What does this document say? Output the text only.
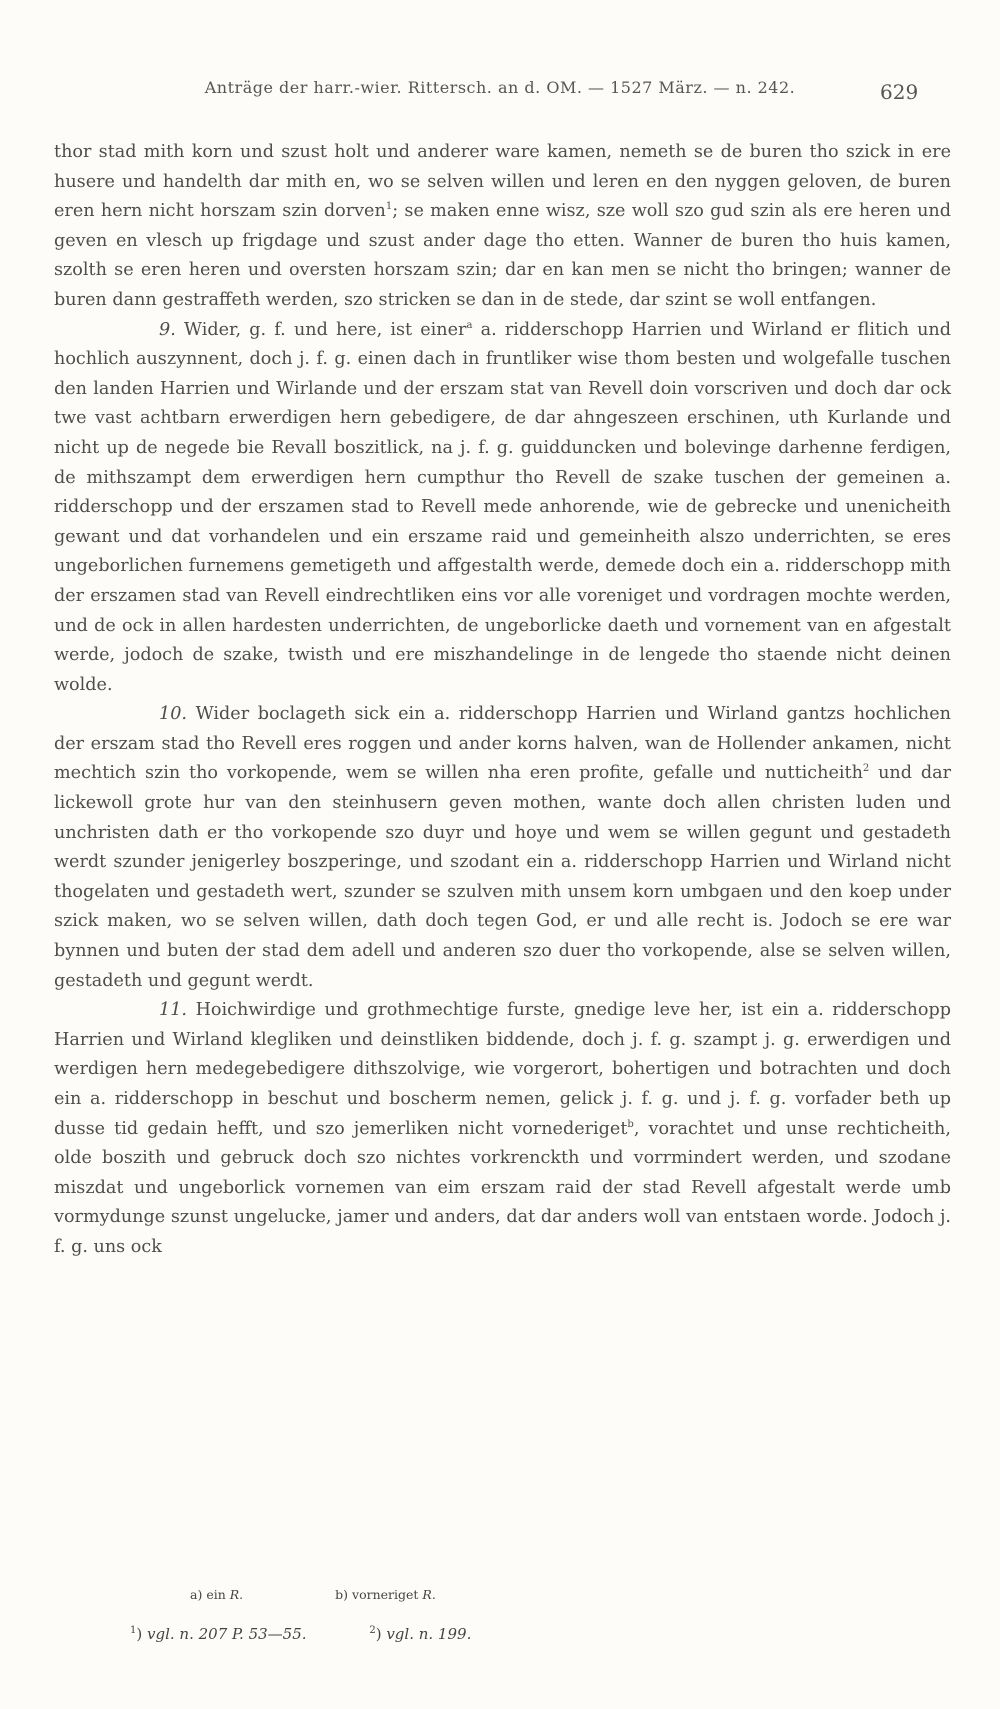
Anträge der harr.-wier. Rittersch. an d. OM. — 1527 März. — n. 242.	629

thor stad mith korn und szust holt und anderer ware kamen, nemeth se de buren tho szick in ere husere und handelth dar mith en, wo se selven willen und leren en den nyggen geloven, de buren eren hern nicht horszam szin dorven$^1$; se maken enne wisz, sze woll szo gud szin als ere heren und geven en vlesch up frigdage und szust ander dage tho etten. Wanner de buren tho huis kamen, szolth se eren heren und oversten horszam szin; dar en kan men se nicht tho bringen; wanner de buren dann gestraffeth werden, szo stricken se dan in de stede, dar szint se woll entfangen.

9. Wider, g. f. und here, ist einer$^a$ a. ridderschopp Harrien und Wirland er flitich und hochlich auszynnent, doch j. f. g. einen dach in fruntliker wise thom besten und wolgefalle tuschen den landen Harrien und Wirlande und der erszam stat van Revell doin vorscriven und doch dar ock twe vast achtbarn erwerdigen hern gebedigere, de dar ahngeszeen erschinen, uth Kurlande und nicht up de negede bie Revall boszitlick, na j. f. g. guidduncken und bolevinge darhenne ferdigen, de mithszampt dem erwerdigen hern cumpthur tho Revell de szake tuschen der gemeinen a. ridderschopp und der erszamen stad to Revell mede anhorende, wie de gebrecke und unenicheith gewant und dat vorhandelen und ein erszame raid und gemeinheith alszo underrichten, se eres ungeborlichen furnemens gemetigeth und affgestalth werde, demede doch ein a. ridderschopp mith der erszamen stad van Revell eindrechtliken eins vor alle voreniget und vordragen mochte werden, und de ock in allen hardesten underrichten, de ungeborlicke daeth und vornement van en afgestalt werde, jodoch de szake, twisth und ere miszhandelinge in de lengede tho staende nicht deinen wolde.

10. Wider boclageth sick ein a. ridderschopp Harrien und Wirland gantzs hochlichen der erszam stad tho Revell eres roggen und ander korns halven, wan de Hollender ankamen, nicht mechtich szin tho vorkopende, wem se willen nha eren profite, gefalle und nutticheith$^2$ und dar lickewoll grote hur van den steinhusern geven mothen, wante doch allen christen luden und unchristen dath er tho vorkopende szo duyr und hoye und wem se willen gegunt und gestadeth werdt szunder jenigerley boszperinge, und szodant ein a. ridderschopp Harrien und Wirland nicht thogelaten und gestadeth wert, szunder se szulven mith unsem korn umbgaen und den koep under szick maken, wo se selven willen, dath doch tegen God, er und alle recht is. Jodoch se ere war bynnen und buten der stad dem adell und anderen szo duer tho vorkopende, alse se selven willen, gestadeth und gegunt werdt.

11. Hoichwirdige und grothmechtige furste, gnedige leve her, ist ein a. ridderschopp Harrien und Wirland klegliken und deinstliken biddende, doch j. f. g. szampt j. g. erwerdigen und werdigen hern medegebedigere dithszolvige, wie vorgerort, bohertigen und botrachten und doch ein a. ridderschopp in beschut und boscherm nemen, gelick j. f. g. und j. f. g. vorfader beth up dusse tid gedain hefft, und szo jemerliken nicht vornederiget$^b$, vorachtet und unse rechticheith, olde boszith und gebruck doch szo nichtes vorkrenckth und vorrmindert werden, und szodane miszdat und ungeborlick vornemen van eim erszam raid der stad Revell afgestalt werde umb vormydunge szunst ungelucke, jamer und anders, dat dar anders woll van entstaen worde. Jodoch j. f. g. uns ock

a) ein R.	b) vorneriget R.
$^1$) vgl. n. 207 P. 53—55.	$^2$) vgl. n. 199.
